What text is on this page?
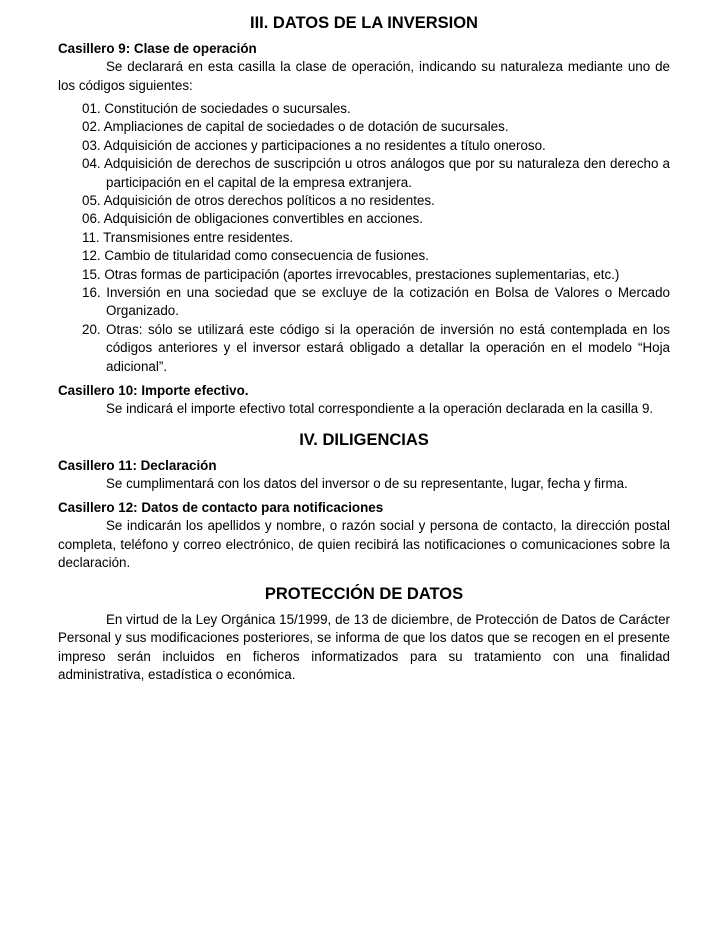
III. DATOS DE LA INVERSION
Casillero 9: Clase de operación

Se declarará en esta casilla la clase de operación, indicando su naturaleza mediante uno de los códigos siguientes:

01. Constitución de sociedades o sucursales.
02. Ampliaciones de capital de sociedades o de dotación de sucursales.
03. Adquisición de acciones y participaciones a no residentes a título oneroso.
04. Adquisición de derechos de suscripción u otros análogos que por su naturaleza den derecho a participación en el capital de la empresa extranjera.
05. Adquisición de otros derechos políticos a no residentes.
06. Adquisición de obligaciones convertibles en acciones.
11. Transmisiones entre residentes.
12. Cambio de titularidad como consecuencia de fusiones.
15. Otras formas de participación (aportes irrevocables, prestaciones suplementarias, etc.)
16. Inversión en una sociedad que se excluye de la cotización en Bolsa de Valores o Mercado Organizado.
20. Otras: sólo se utilizará este código si la operación de inversión no está contemplada en los códigos anteriores y el inversor estará obligado a detallar la operación en el modelo “Hoja adicional”.
Casillero 10: Importe efectivo.

Se indicará el importe efectivo total correspondiente a la operación declarada en la casilla 9.

IV. DILIGENCIAS
Casillero 11: Declaración

Se cumplimentará con los datos del inversor o de su representante, lugar, fecha y firma.

Casillero 12: Datos de contacto para notificaciones

Se indicarán los apellidos y nombre, o razón social y persona de contacto, la dirección postal completa, teléfono y correo electrónico, de quien recibirá las notificaciones o comunicaciones sobre la declaración.

PROTECCIÓN DE DATOS

En virtud de la Ley Orgánica 15/1999, de 13 de diciembre, de Protección de Datos de Carácter Personal y sus modificaciones posteriores, se informa de que los datos que se recogen en el presente impreso serán incluidos en ficheros informatizados para su tratamiento con una finalidad administrativa, estadística o económica.
